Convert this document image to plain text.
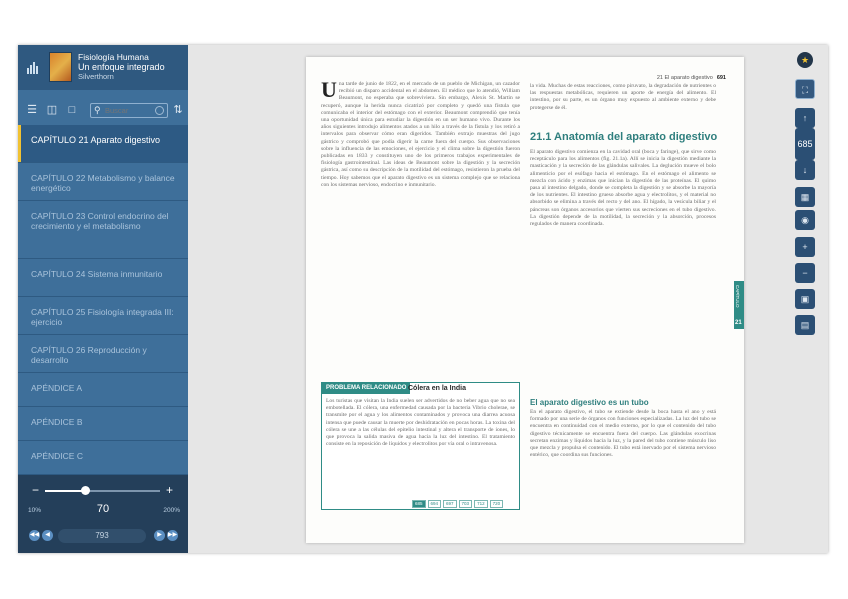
Fisiología Humana
Un enfoque integrado
Silverthorn
☰ ◫ □ ⚲
Buscar	⇅
CAPÍTULO 21 Aparato digestivo
CAPÍTULO 22 Metabolismo y balance energético
CAPÍTULO 23 Control endocrino del crecimiento y el metabolismo
CAPÍTULO 24 Sistema inmunitario
CAPÍTULO 25 Fisiología integrada III: ejercicio
CAPÍTULO 26 Reproducción y desarrollo
APÉNDICE A
APÉNDICE B
APÉNDICE C
−	+
10%	70	200%
◀◀	◀	793	▶	▶▶
21 El aparato digestivo 691
Una tarde de junio de 1822, en el mercado de un pueblo de Michigan, un cazador recibió un disparo accidental en el abdomen. El médico que lo atendió, William Beaumont, no esperaba que sobreviviera. Sin embargo, Alexis St. Martin se recuperó, aunque la herida nunca cicatrizó por completo y quedó una fístula que comunicaba el interior del estómago con el exterior. Beaumont comprendió que tenía una oportunidad única para estudiar la digestión en un ser humano vivo. Durante los años siguientes introdujo alimentos atados a un hilo a través de la fístula y los retiró a intervalos para observar cómo eran digeridos. También extrajo muestras del jugo gástrico y comprobó que podía digerir la carne fuera del cuerpo. Sus observaciones sobre la influencia de las emociones, el ejercicio y el clima sobre la digestión fueron publicadas en 1833 y constituyen uno de los primeros trabajos experimentales de fisiología gastrointestinal. Las ideas de Beaumont sobre la digestión y la secreción gástrica, así como su descripción de la motilidad del estómago, resistieron la prueba del tiempo. Hoy sabemos que el aparato digestivo es un sistema complejo que se relaciona con los sistemas nervioso, endocrino e inmunitario.
la vida. Muchas de estas reacciones, como piruvato, la degradación de nutrientes o las respuestas metabólicas, requieren un aporte de energía del alimento. El intestino, por su parte, es un órgano muy expuesto al ambiente externo y debe protegerse de él.
21.1 Anatomía del aparato digestivo
El aparato digestivo comienza en la cavidad oral (boca y faringe), que sirve como receptáculo para los alimentos (fig. 21.1a). Allí se inicia la digestión mediante la masticación y la secreción de las glándulas salivales. La deglución mueve el bolo alimenticio por el esófago hacia el estómago. En el estómago el alimento se mezcla con ácido y enzimas que inician la digestión de las proteínas. El quimo pasa al intestino delgado, donde se completa la digestión y se absorbe la mayoría de los nutrientes. El intestino grueso absorbe agua y electrolitos, y el material no absorbido se elimina a través del recto y del ano. El hígado, la vesícula biliar y el páncreas son órganos accesorios que vierten sus secreciones en el tubo digestivo. La digestión depende de la motilidad, la secreción y la absorción, procesos regulados de manera coordinada.
El aparato digestivo es un tubo
En el aparato digestivo, el tubo se extiende desde la boca hasta el ano y está formado por una serie de órganos con funciones especializadas. La luz del tubo se encuentra en continuidad con el medio externo, por lo que el contenido del tubo digestivo técnicamente se encuentra fuera del cuerpo. Las glándulas exocrinas secretan enzimas y líquidos hacia la luz, y la pared del tubo contiene músculo liso que mezcla y propulsa el contenido. El tubo está inervado por el sistema nervioso entérico, que coordina sus funciones.
CAPÍTULO
21
PROBLEMA RELACIONADO Cólera en la India
Los turistas que visitan la India suelen ser advertidos de no beber agua que no sea embotellada. El cólera, una enfermedad causada por la bacteria Vibrio cholerae, se transmite por el agua y los alimentos contaminados y provoca una diarrea acuosa intensa que puede causar la muerte por deshidratación en pocas horas. La toxina del cólera se une a las células del epitelio intestinal y altera el transporte de iones, lo que provoca la salida masiva de agua hacia la luz del intestino. El tratamiento consiste en la reposición de líquidos y electrolitos por vía oral o intravenosa.
685	694	697	703	712	720
★
⛶
↑
685
↓
▦
◉
+
−
▣
▤
